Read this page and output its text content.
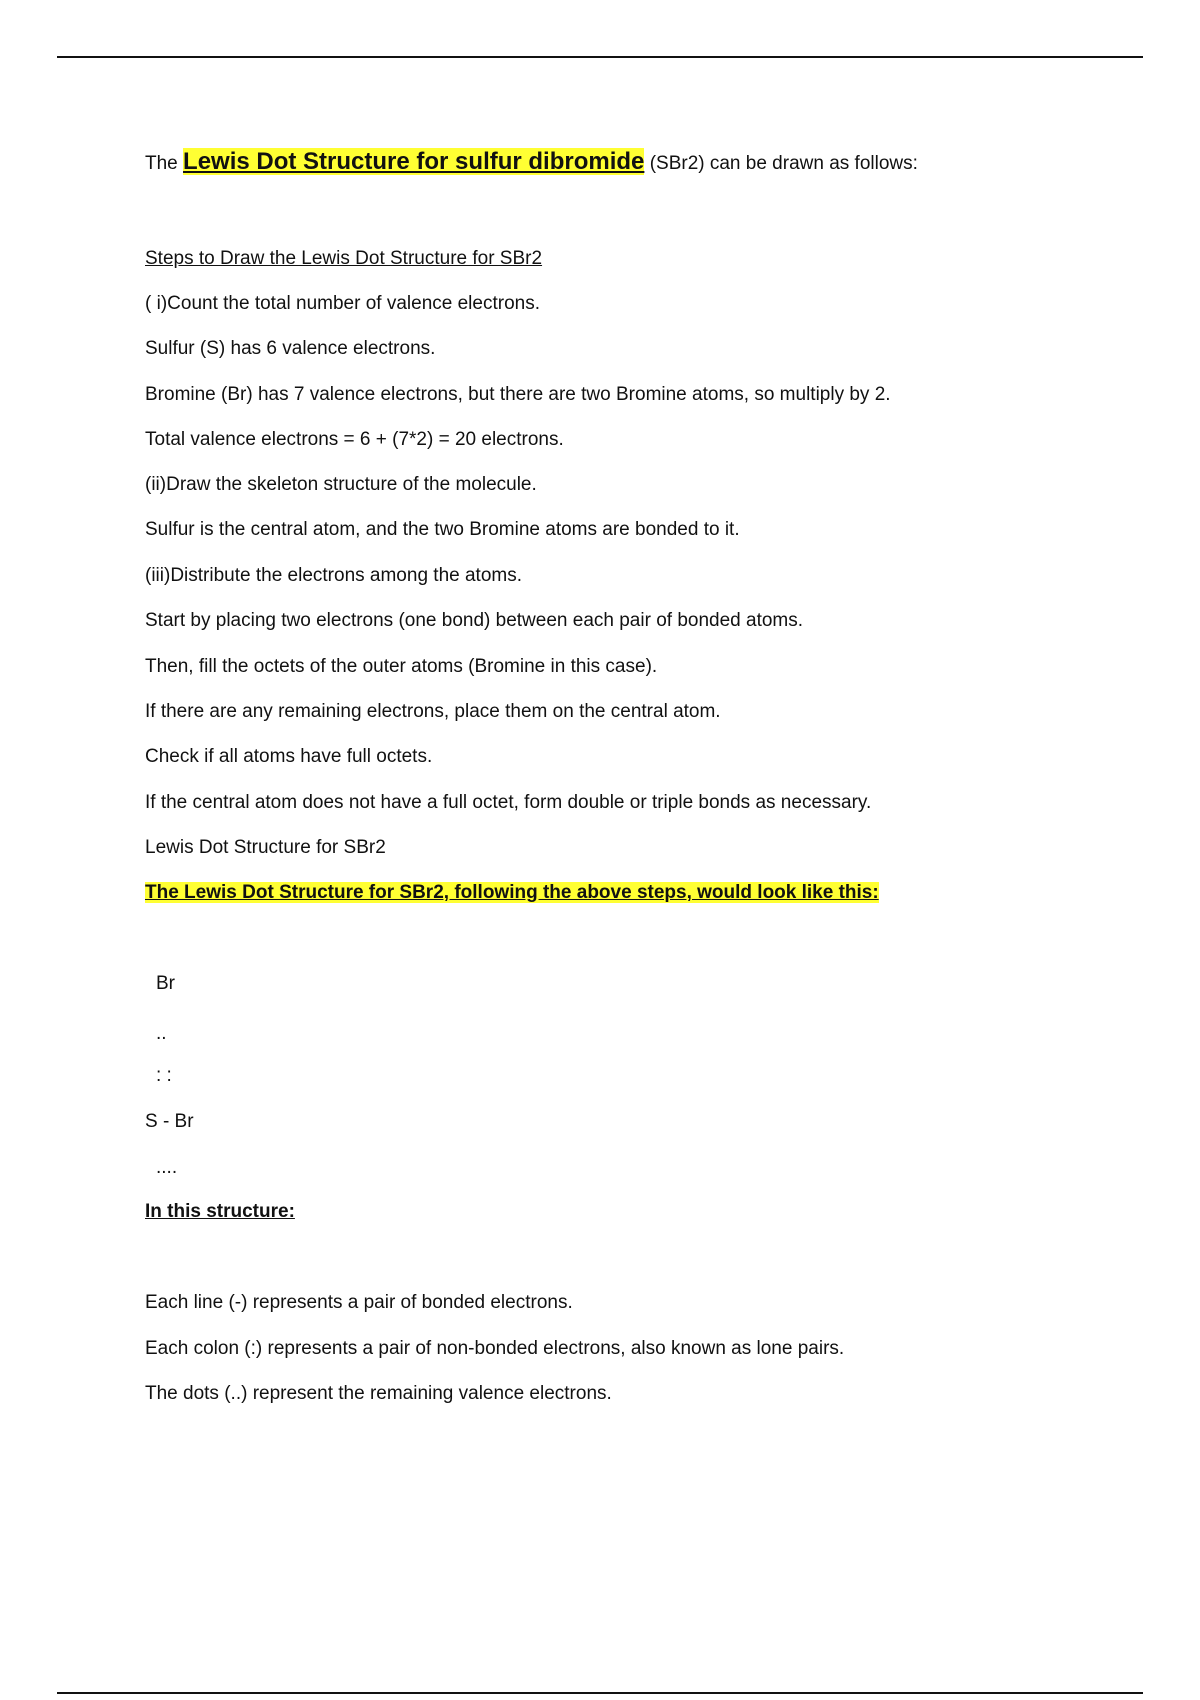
The Lewis Dot Structure for sulfur dibromide (SBr2) can be drawn as follows:
Steps to Draw the Lewis Dot Structure for SBr2
( i)Count the total number of valence electrons.
Sulfur (S) has 6 valence electrons.
Bromine (Br) has 7 valence electrons, but there are two Bromine atoms, so multiply by 2.
Total valence electrons = 6 + (7*2) = 20 electrons.
(ii)Draw the skeleton structure of the molecule.
Sulfur is the central atom, and the two Bromine atoms are bonded to it.
(iii)Distribute the electrons among the atoms.
Start by placing two electrons (one bond) between each pair of bonded atoms.
Then, fill the octets of the outer atoms (Bromine in this case).
If there are any remaining electrons, place them on the central atom.
Check if all atoms have full octets.
If the central atom does not have a full octet, form double or triple bonds as necessary.
Lewis Dot Structure for SBr2
The Lewis Dot Structure for SBr2, following the above steps, would look like this:
Br
..
: :
S - Br
....
In this structure:
Each line (-) represents a pair of bonded electrons.
Each colon (:) represents a pair of non-bonded electrons, also known as lone pairs.
The dots (..) represent the remaining valence electrons.
